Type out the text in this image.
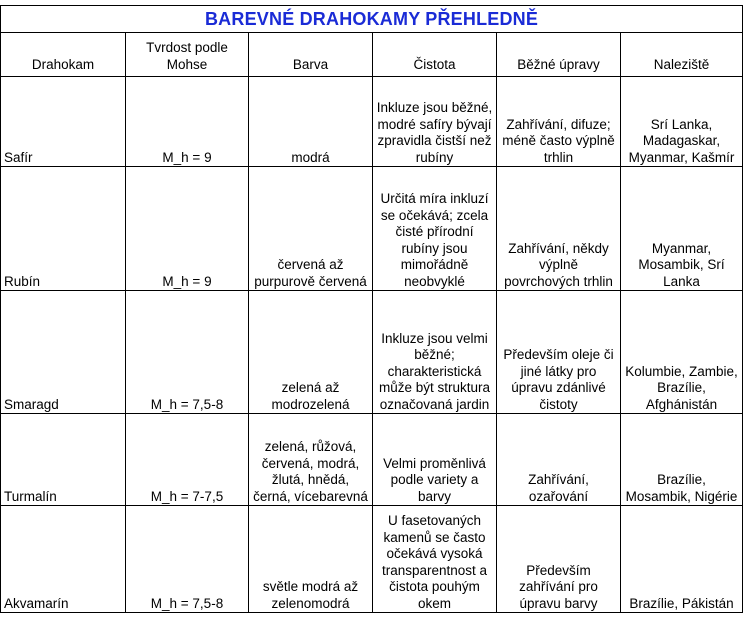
BAREVNÉ DRAHOKAMY PŘEHLEDNĚ					
Drahokam	Tvrdost podle Mohse	Barva	Čistota	Běžné úpravy	Naleziště
Safír	M_h = 9	modrá	Inkluze jsou běžné, modré safíry bývají zpravidla čistší než rubíny	Zahřívání, difuze; méně často výplně trhlin	Srí Lanka, Madagaskar, Myanmar, Kašmír
Rubín	M_h = 9	červená až purpurově červená	Určitá míra inkluzí se očekává; zcela čisté přírodní rubíny jsou mimořádně neobvyklé	Zahřívání, někdy výplně povrchových trhlin	Myanmar, Mosambik, Srí Lanka
Smaragd	M_h = 7,5-8	zelená až modrozelená	Inkluze jsou velmi běžné; charakteristická může být struktura označovaná jardin	Především oleje či jiné látky pro úpravu zdánlivé čistoty	Kolumbie, Zambie, Brazílie, Afghánistán
Turmalín	M_h = 7-7,5	zelená, růžová, červená, modrá, žlutá, hnědá, černá, vícebarevná	Velmi proměnlivá podle variety a barvy	Zahřívání, ozařování	Brazílie, Mosambik, Nigérie
Akvamarín	M_h = 7,5-8	světle modrá až zelenomodrá	U fasetovaných kamenů se často očekává vysoká transparentnost a čistota pouhým okem	Především zahřívání pro úpravu barvy	Brazílie, Pákistán
